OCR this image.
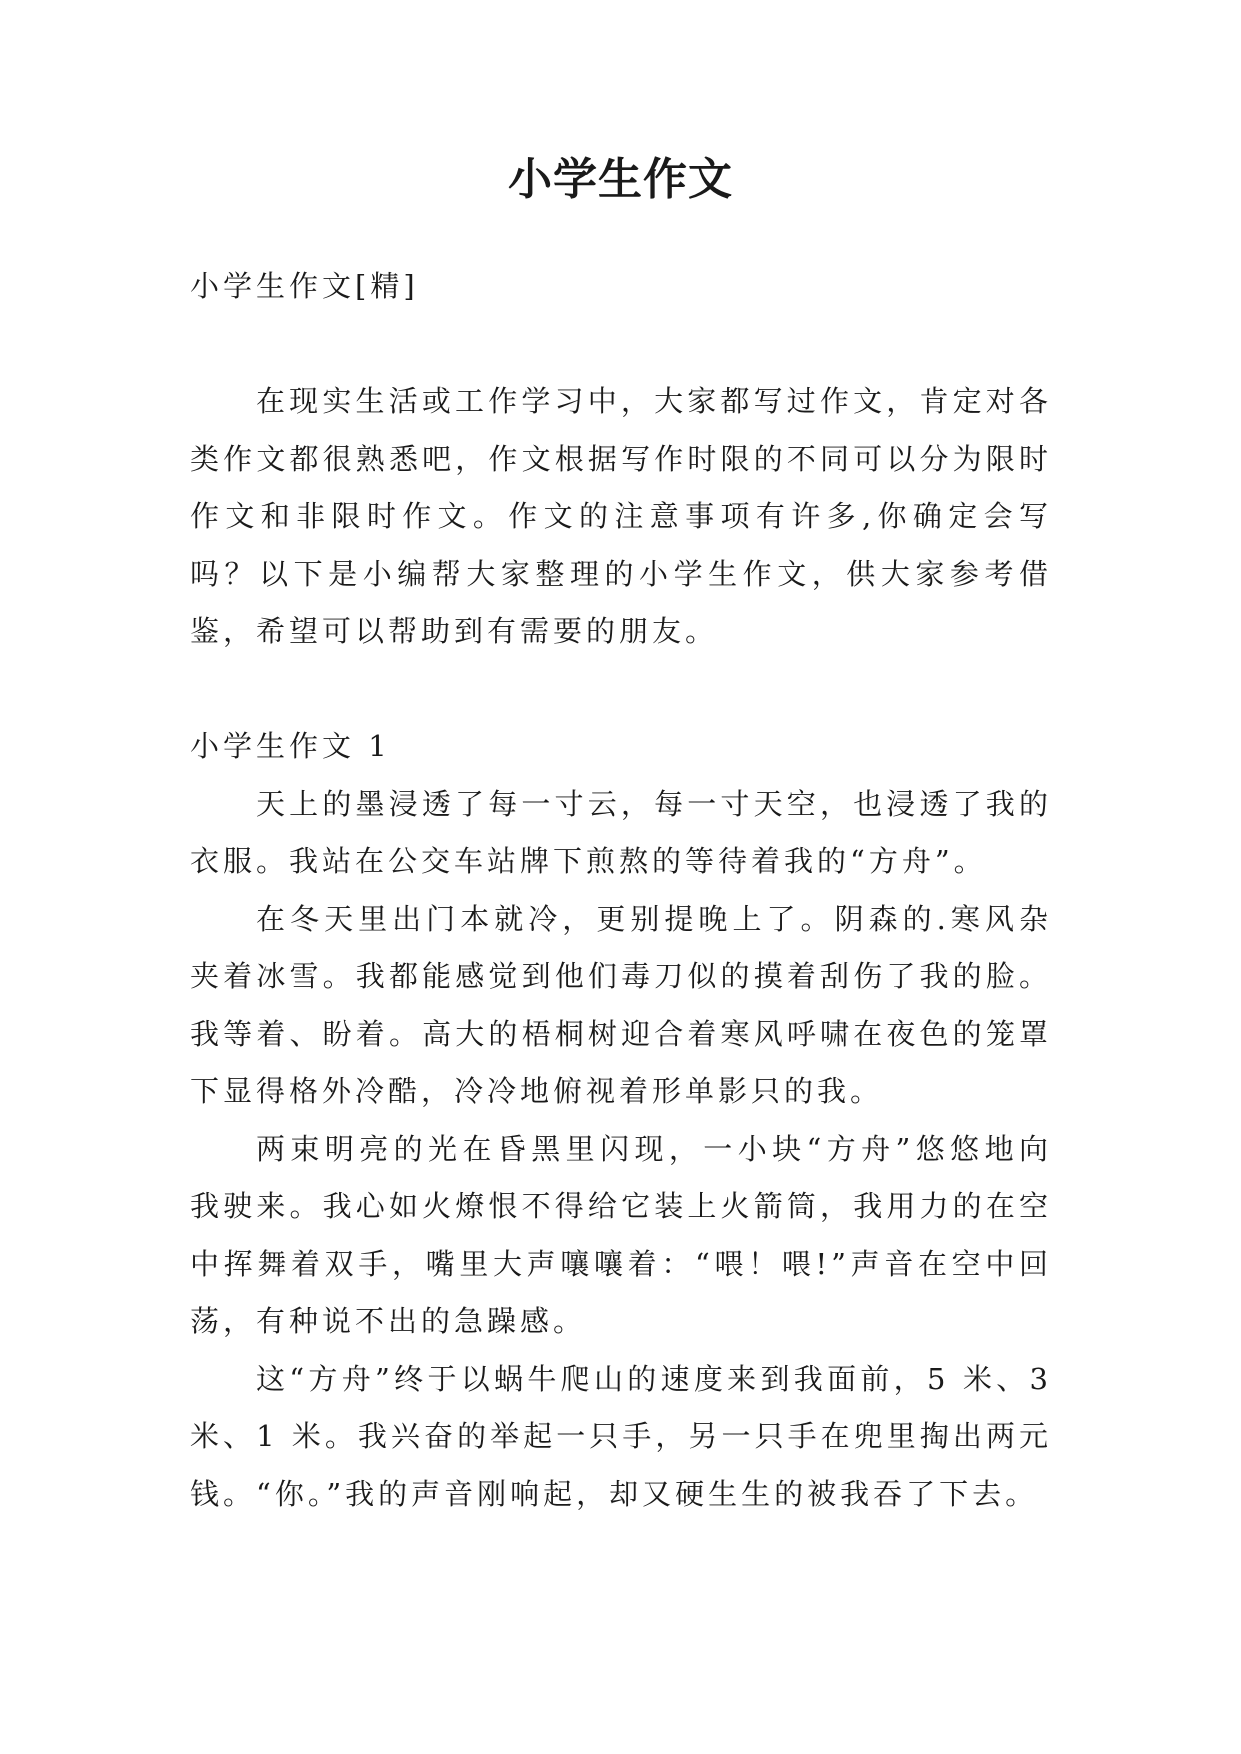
小学生作文

小学生作文[精]

在现实生活或工作学习中，大家都写过作文，肯定对各类作文都很熟悉吧，作文根据写作时限的不同可以分为限时作文和非限时作文。作文的注意事项有许多,你确定会写吗？以下是小编帮大家整理的小学生作文，供大家参考借鉴，希望可以帮助到有需要的朋友。

小学生作文 1

天上的墨浸透了每一寸云，每一寸天空，也浸透了我的衣服。我站在公交车站牌下煎熬的等待着我的“方舟”。

在冬天里出门本就冷，更别提晚上了。阴森的.寒风杂夹着冰雪。我都能感觉到他们毒刀似的摸着刮伤了我的脸。我等着、盼着。高大的梧桐树迎合着寒风呼啸在夜色的笼罩下显得格外冷酷，冷冷地俯视着形单影只的我。

两束明亮的光在昏黑里闪现，一小块“方舟”悠悠地向我驶来。我心如火燎恨不得给它装上火箭筒，我用力的在空中挥舞着双手，嘴里大声嚷嚷着：“喂！喂!”声音在空中回荡，有种说不出的急躁感。

这“方舟”终于以蜗牛爬山的速度来到我面前，5 米、3 米、1 米。我兴奋的举起一只手，另一只手在兜里掏出两元钱。“你。”我的声音刚响起，却又硬生生的被我吞了下去。
